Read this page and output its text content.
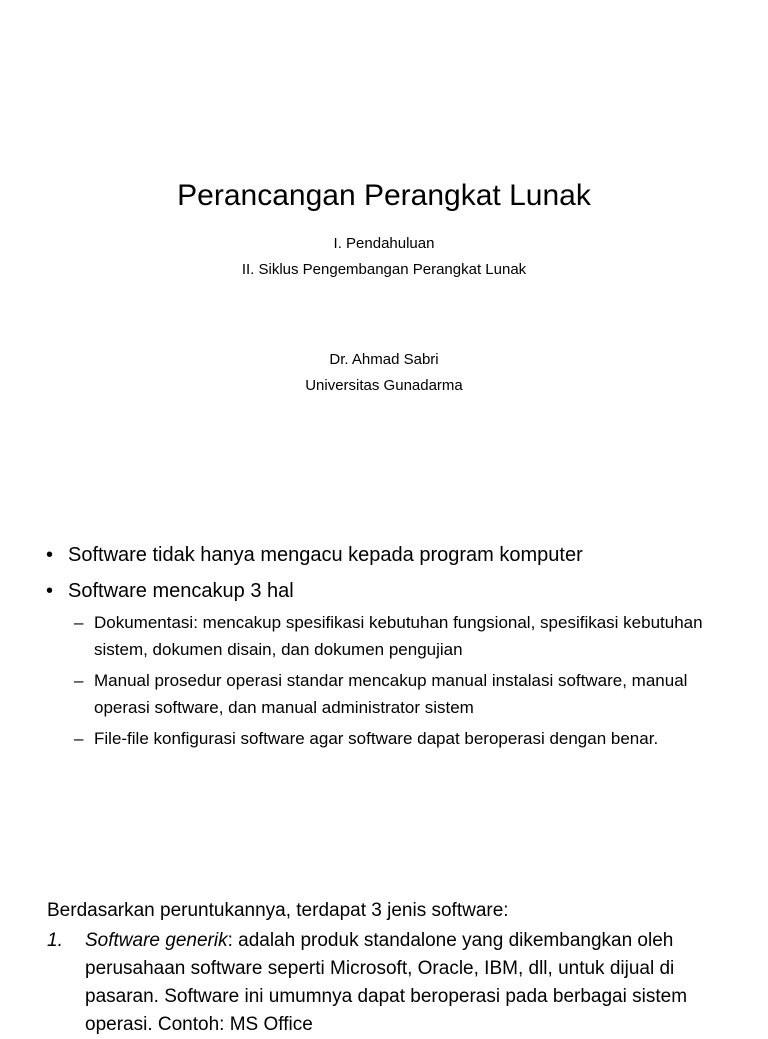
Perancangan Perangkat Lunak
I. Pendahuluan
II. Siklus Pengembangan Perangkat Lunak
Dr. Ahmad Sabri
Universitas Gunadarma
• Software tidak hanya mengacu kepada program komputer
• Software mencakup 3 hal
– Dokumentasi: mencakup spesifikasi kebutuhan fungsional, spesifikasi kebutuhan sistem, dokumen disain, dan dokumen pengujian
– Manual prosedur operasi standar mencakup manual instalasi software, manual operasi software, dan manual administrator sistem
– File-file konfigurasi software agar software dapat beroperasi dengan benar.
Berdasarkan peruntukannya, terdapat 3 jenis software:
1. Software generik: adalah produk standalone yang dikembangkan oleh perusahaan software seperti Microsoft, Oracle, IBM, dll, untuk dijual di pasaran. Software ini umumnya dapat beroperasi pada berbagai sistem operasi. Contoh: MS Office
